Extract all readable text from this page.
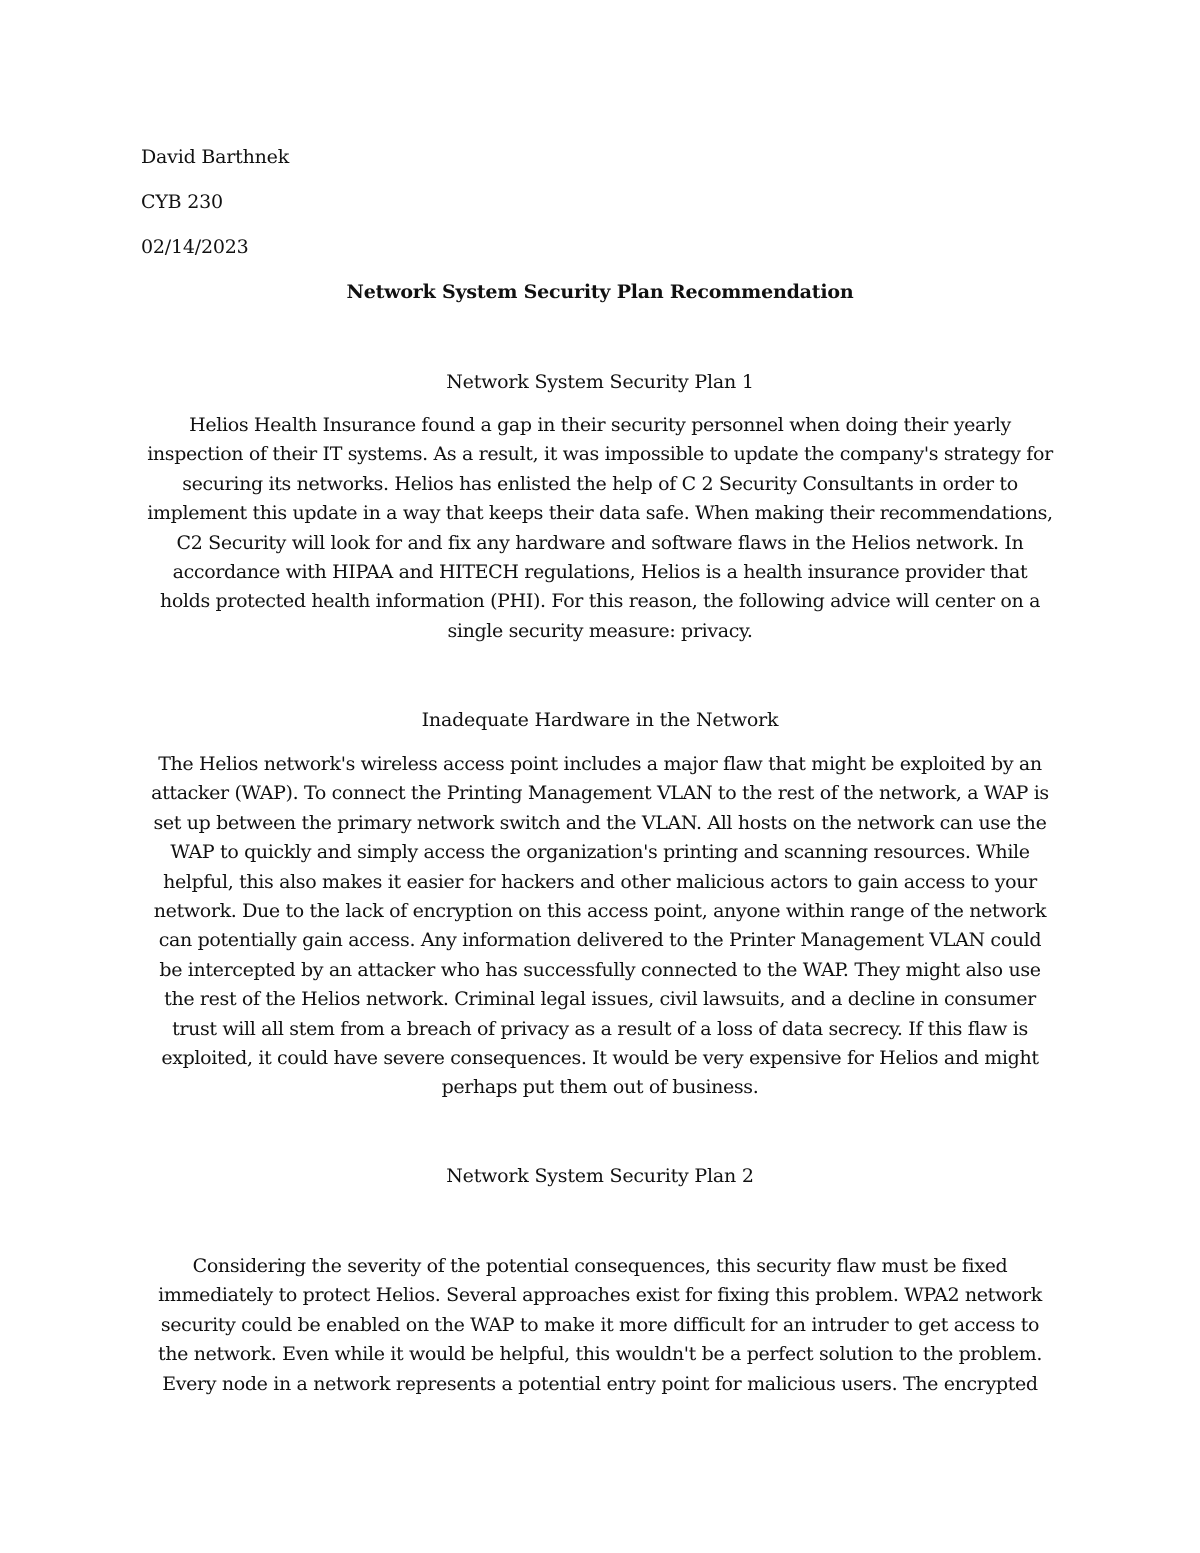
David Barthnek
CYB 230
02/14/2023
Network System Security Plan Recommendation
Network System Security Plan 1
Helios Health Insurance found a gap in their security personnel when doing their yearly
inspection of their IT systems. As a result, it was impossible to update the company's strategy for
securing its networks. Helios has enlisted the help of C 2 Security Consultants in order to
implement this update in a way that keeps their data safe. When making their recommendations,
C2 Security will look for and fix any hardware and software flaws in the Helios network. In
accordance with HIPAA and HITECH regulations, Helios is a health insurance provider that
holds protected health information (PHI). For this reason, the following advice will center on a
single security measure: privacy.
Inadequate Hardware in the Network
The Helios network's wireless access point includes a major flaw that might be exploited by an
attacker (WAP). To connect the Printing Management VLAN to the rest of the network, a WAP is
set up between the primary network switch and the VLAN. All hosts on the network can use the
WAP to quickly and simply access the organization's printing and scanning resources. While
helpful, this also makes it easier for hackers and other malicious actors to gain access to your
network. Due to the lack of encryption on this access point, anyone within range of the network
can potentially gain access. Any information delivered to the Printer Management VLAN could
be intercepted by an attacker who has successfully connected to the WAP. They might also use
the rest of the Helios network. Criminal legal issues, civil lawsuits, and a decline in consumer
trust will all stem from a breach of privacy as a result of a loss of data secrecy. If this flaw is
exploited, it could have severe consequences. It would be very expensive for Helios and might
perhaps put them out of business.
Network System Security Plan 2
Considering the severity of the potential consequences, this security flaw must be fixed
immediately to protect Helios. Several approaches exist for fixing this problem. WPA2 network
security could be enabled on the WAP to make it more difficult for an intruder to get access to
the network. Even while it would be helpful, this wouldn't be a perfect solution to the problem.
Every node in a network represents a potential entry point for malicious users. The encrypted
